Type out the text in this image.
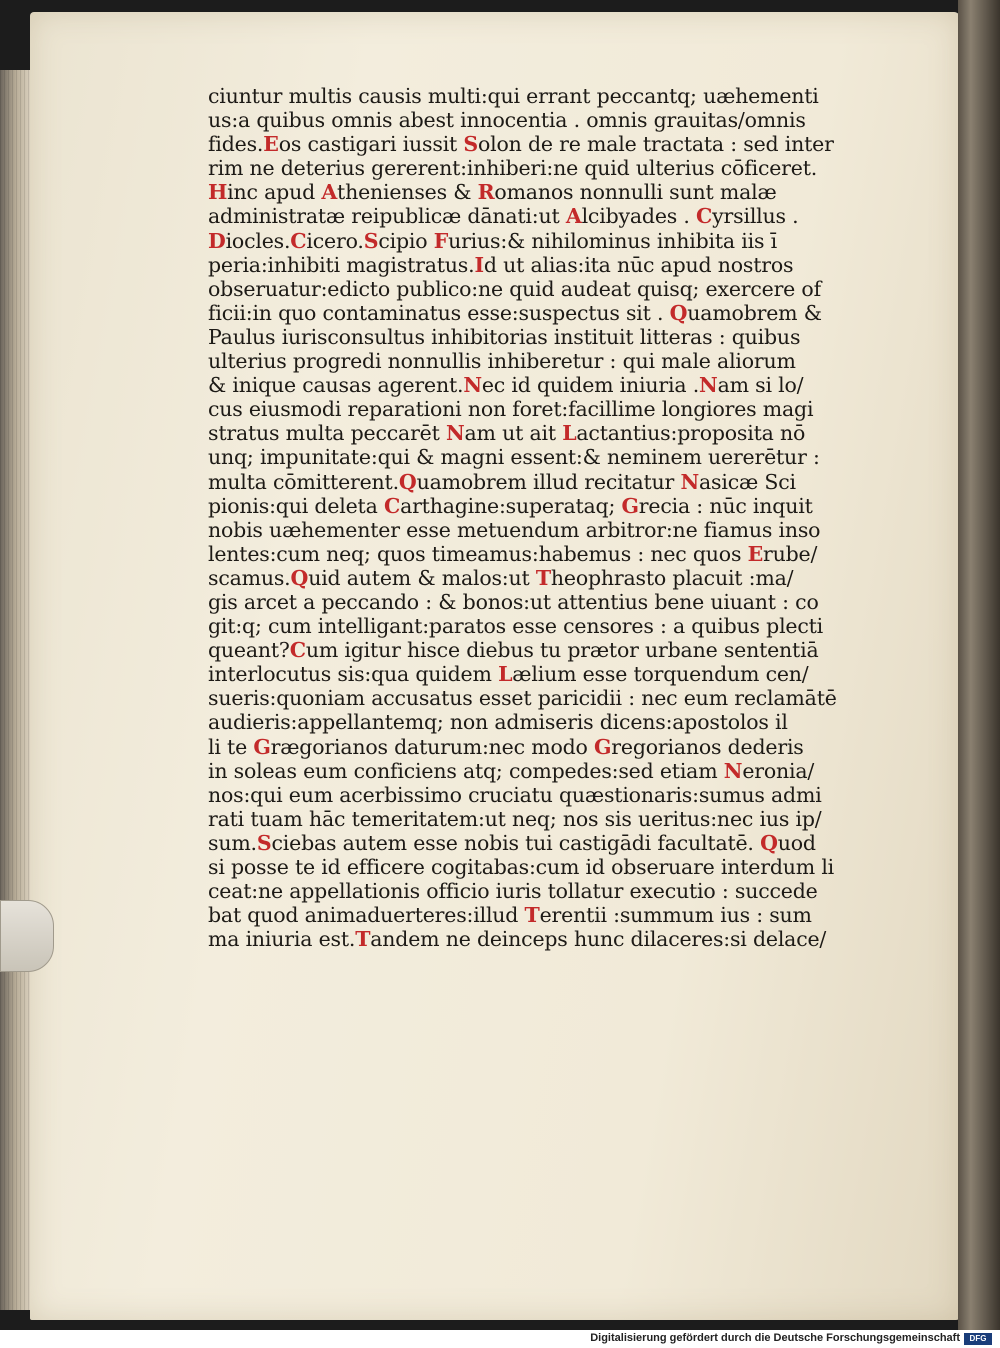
ciuntur multis causis multi:qui errant peccantq; uæhementi
us:a quibus omnis abest innocentia . omnis grauitas/omnis
fides.Eos castigari iussit Solon de re male tractata : sed inter
rim ne deterius gererent:inhiberi:ne quid ulterius cōficeret.
Hinc apud Athenienses & Romanos nonnulli sunt malæ
administratæ reipublicæ dānati:ut Alcibyades . Cyrsillus .
Diocles.Cicero.Scipio Furius:& nihilominus inhibita iis ī
peria:inhibiti magistratus.Id ut alias:ita nūc apud nostros
obseruatur:edicto publico:ne quid audeat quisq; exercere of
ficii:in quo contaminatus esse:suspectus sit . Quamobrem &
Paulus iurisconsultus inhibitorias instituit litteras : quibus
ulterius progredi nonnullis inhiberetur : qui male aliorum
& inique causas agerent.Nec id quidem iniuria .Nam si lo/
cus eiusmodi reparationi non foret:facillime longiores magi
stratus multa peccarēt Nam ut ait Lactantius:proposita nō
unq; impunitate:qui & magni essent:& neminem uererētur :
multa cōmitterent.Quamobrem illud recitatur Nasicæ Sci
pionis:qui deleta Carthagine:superataq; Grecia : nūc inquit
nobis uæhementer esse metuendum arbitror:ne fiamus inso
lentes:cum neq; quos timeamus:habemus : nec quos Erube/
scamus.Quid autem & malos:ut Theophrasto placuit :ma/
gis arcet a peccando : & bonos:ut attentius bene uiuant : co
git:q; cum intelligant:paratos esse censores : a quibus plecti
queant?Cum igitur hisce diebus tu prætor urbane sententiā
interlocutus sis:qua quidem Lælium esse torquendum cen/
sueris:quoniam accusatus esset paricidii : nec eum reclamātē
audieris:appellantemq; non admiseris dicens:apostolos il
li te Grægorianos daturum:nec modo Gregorianos dederis
in soleas eum conficiens atq; compedes:sed etiam Neronia/
nos:qui eum acerbissimo cruciatu quæstionaris:sumus admi
rati tuam hāc temeritatem:ut neq; nos sis ueritus:nec ius ip/
sum.Sciebas autem esse nobis tui castigādi facultatē. Quod
si posse te id efficere cogitabas:cum id obseruare interdum li
ceat:ne appellationis officio iuris tollatur executio : succede
bat quod animaduerteres:illud Terentii :summum ius : sum
ma iniuria est.Tandem ne deinceps hunc dilaceres:si delace/
Digitalisierung gefördert durch die Deutsche Forschungsgemeinschaft	DFG
